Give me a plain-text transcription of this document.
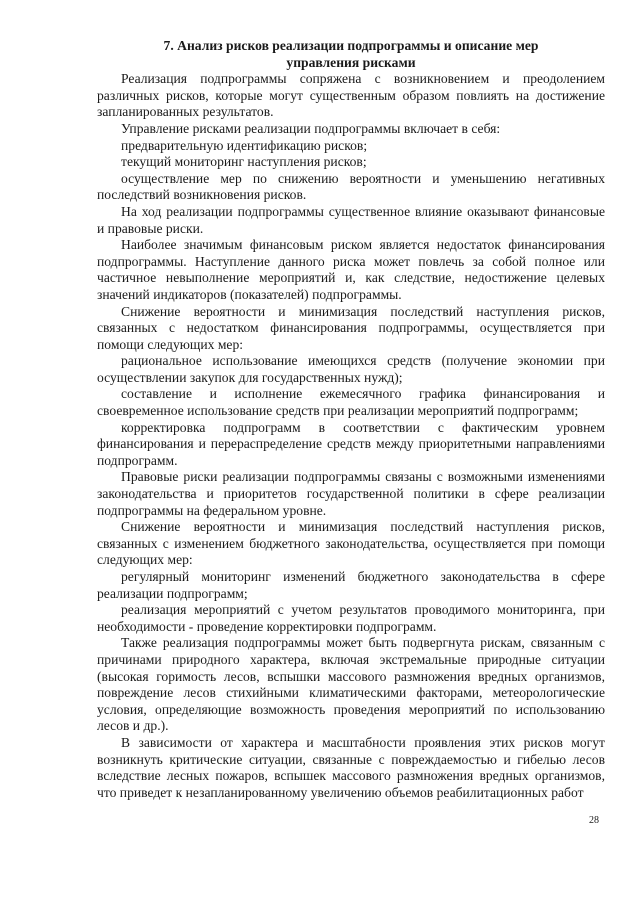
7. Анализ рисков реализации подпрограммы и описание мер
управления рисками

Реализация подпрограммы сопряжена с возникновением и преодолением различных рисков, которые могут существенным образом повлиять на достижение запланированных результатов.

Управление рисками реализации подпрограммы включает в себя:

предварительную идентификацию рисков;

текущий мониторинг наступления рисков;

осуществление мер по снижению вероятности и уменьшению негативных последствий возникновения рисков.

На ход реализации подпрограммы существенное влияние оказывают финансовые и правовые риски.

Наиболее значимым финансовым риском является недостаток финансирования подпрограммы. Наступление данного риска может повлечь за собой полное или частичное невыполнение мероприятий и, как следствие, недостижение целевых значений индикаторов (показателей) подпрограммы.

Снижение вероятности и минимизация последствий наступления рисков, связанных с недостатком финансирования подпрограммы, осуществляется при помощи следующих мер:

рациональное использование имеющихся средств (получение экономии при осуществлении закупок для государственных нужд);

составление и исполнение ежемесячного графика финансирования и своевременное использование средств при реализации мероприятий подпрограмм;

корректировка подпрограмм в соответствии с фактическим уровнем финансирования и перераспределение средств между приоритетными направлениями подпрограмм.

Правовые риски реализации подпрограммы связаны с возможными изменениями законодательства и приоритетов государственной политики в сфере реализации подпрограммы на федеральном уровне.

Снижение вероятности и минимизация последствий наступления рисков, связанных с изменением бюджетного законодательства, осуществляется при помощи следующих мер:

регулярный мониторинг изменений бюджетного законодательства в сфере реализации подпрограмм;

реализация мероприятий с учетом результатов проводимого мониторинга, при необходимости - проведение корректировки подпрограмм.

Также реализация подпрограммы может быть подвергнута рискам, связанным с причинами природного характера, включая экстремальные природные ситуации (высокая горимость лесов, вспышки массового размножения вредных организмов, повреждение лесов стихийными климатическими факторами, метеорологические условия, определяющие возможность проведения мероприятий по использованию лесов и др.).

В зависимости от характера и масштабности проявления этих рисков могут возникнуть критические ситуации, связанные с повреждаемостью и гибелью лесов вследствие лесных пожаров, вспышек массового размножения вредных организмов, что приведет к незапланированному увеличению объемов реабилитационных работ

28
